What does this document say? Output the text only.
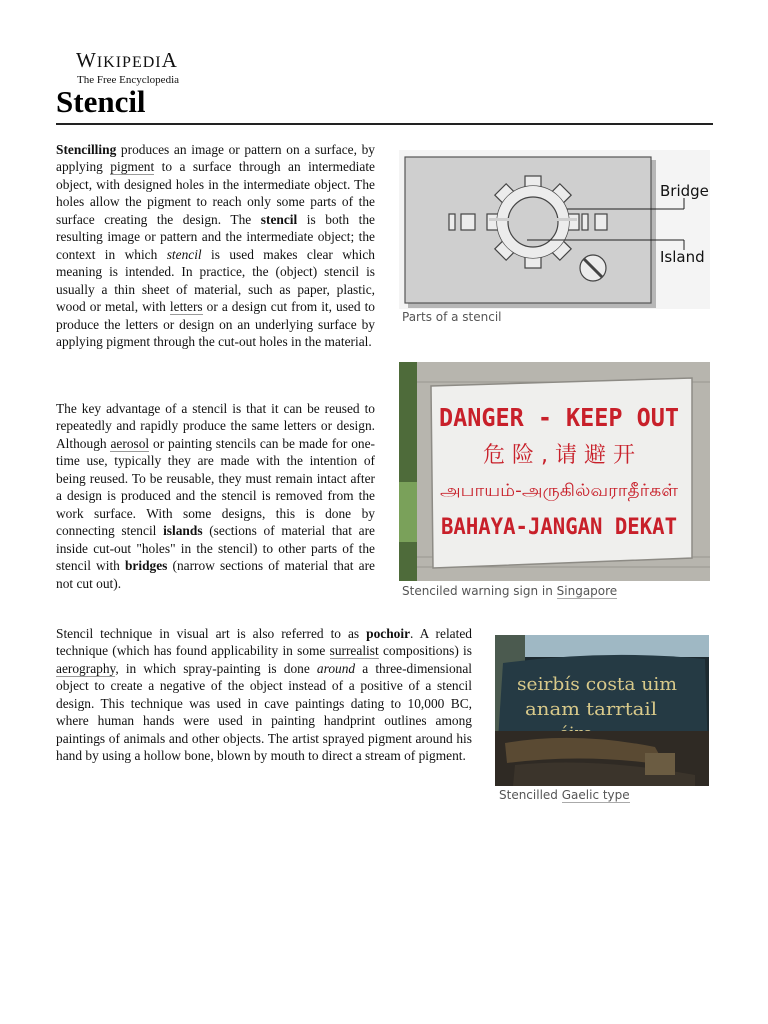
WIKIPEDIA
The Free Encyclopedia
Stencil

Stencilling produces an image or pattern on a surface, by applying pigment to a surface through an intermediate object, with designed holes in the intermediate object. The holes allow the pigment to reach only some parts of the surface creating the design. The stencil is both the resulting image or pattern and the intermediate object; the context in which stencil is used makes clear which meaning is intended. In practice, the (object) stencil is usually a thin sheet of material, such as paper, plastic, wood or metal, with letters or a design cut from it, used to produce the letters or design on an underlying surface by applying pigment through the cut-out holes in the material.

The key advantage of a stencil is that it can be reused to repeatedly and rapidly produce the same letters or design. Although aerosol or painting stencils can be made for one-time use, typically they are made with the intention of being reused. To be reusable, they must remain intact after a design is produced and the stencil is removed from the work surface. With some designs, this is done by connecting stencil islands (sections of material that are inside cut-out "holes" in the stencil) to other parts of the stencil with bridges (narrow sections of material that are not cut out).

Stencil technique in visual art is also referred to as pochoir. A related technique (which has found applicability in some surrealist compositions) is aerography, in which spray-painting is done around a three-dimensional object to create a negative of the object instead of a positive of a stencil design. This technique was used in cave paintings dating to 10,000 BC, where human hands were used in painting handprint outlines among paintings of animals and other objects. The artist sprayed pigment around his hand by using a hollow bone, blown by mouth to direct a stream of pigment.

Bridge
Island
Parts of a stencil
DANGER - KEEP OUT
危 险 , 请 避 开
அபாயம்-அருகில்வராதீர்கள்
BAHAYA-JANGAN DEKAT
Stenciled warning sign in Singapore
seirbís costa uim
anam tarrtail
Stencilled Gaelic type
